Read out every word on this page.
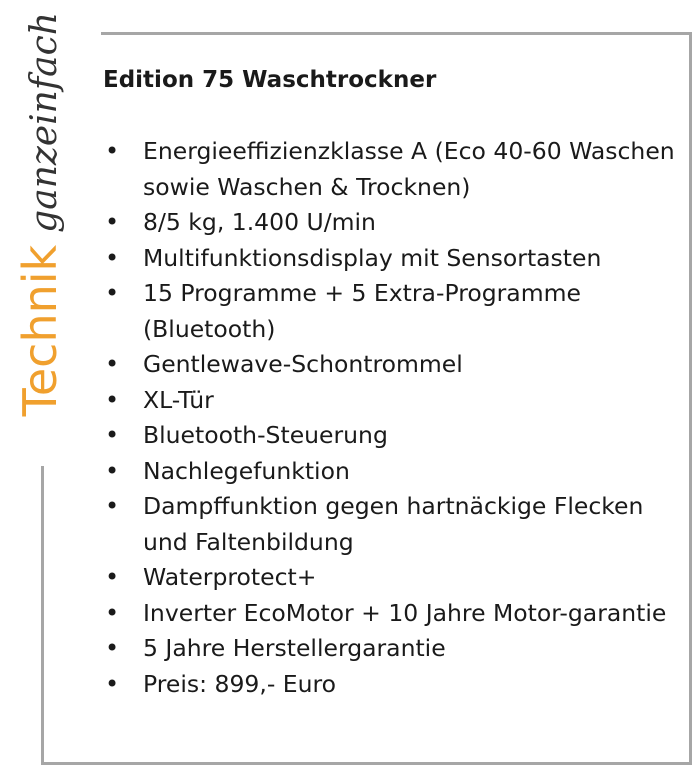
einfach
ganz
Technik
Edition 75 Waschtrockner
• Energieeffizienzklasse A (Eco 40-60 Waschen sowie Waschen & Trocknen)
• 8/5 kg, 1.400 U/min
• Multifunktionsdisplay mit Sensortasten
• 15 Programme + 5 Extra-Programme (Bluetooth)
• Gentlewave-Schontrommel
• XL-Tür
• Bluetooth-Steuerung
• Nachlegefunktion
• Dampffunktion gegen hartnäckige Flecken und Faltenbildung
• Waterprotect+
• Inverter EcoMotor + 10 Jahre Motor-garantie
• 5 Jahre Herstellergarantie
• Preis: 899,- Euro
